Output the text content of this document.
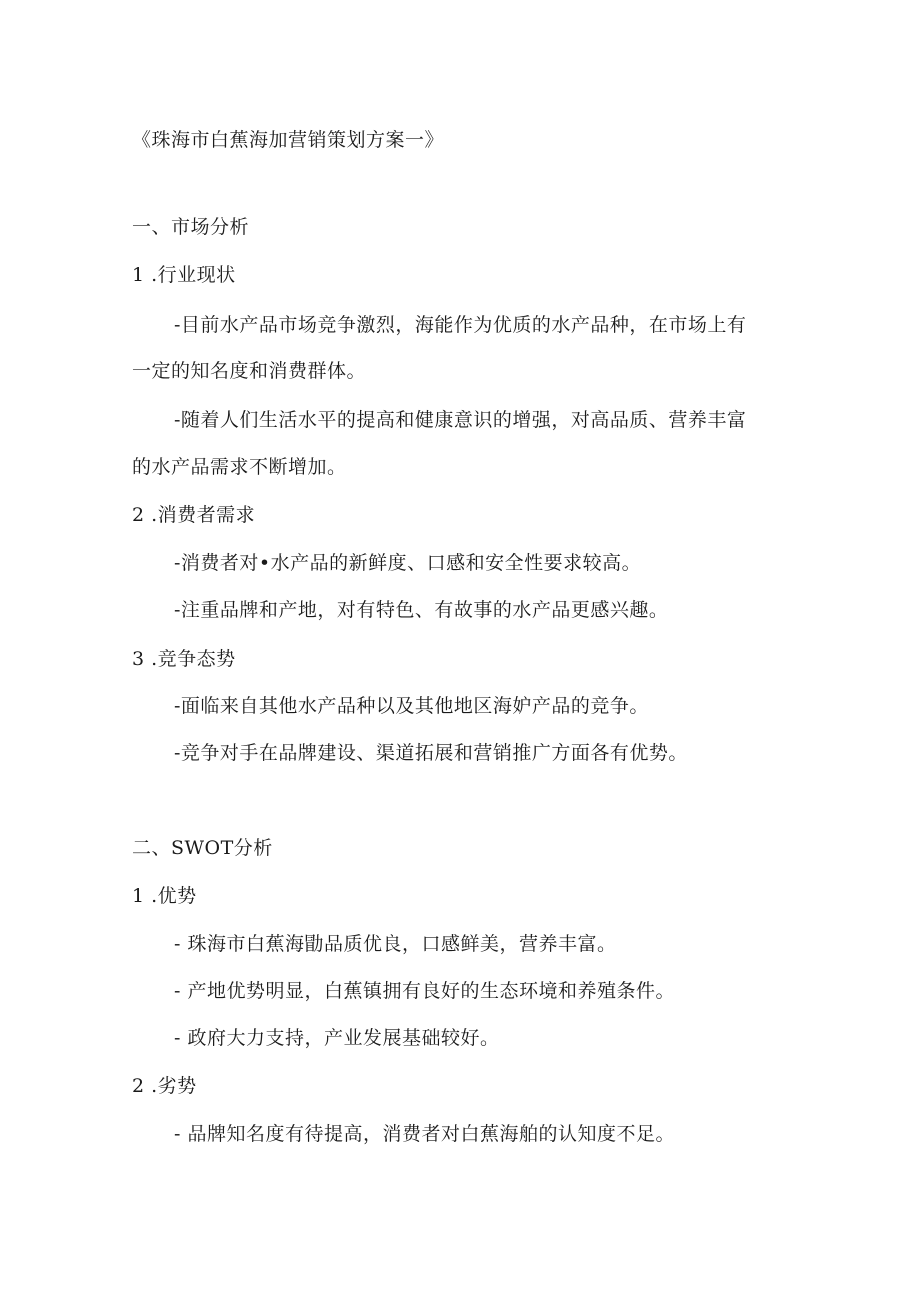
《珠海市白蕉海加营销策划方案一》
一、市场分析
1 .行业现状
-目前水产品市场竞争激烈，海能作为优质的水产品种，在市场上有
一定的知名度和消费群体。
-随着人们生活水平的提高和健康意识的增强，对高品质、营养丰富
的水产品需求不断增加。
2 .消费者需求
-消费者对•水产品的新鲜度、口感和安全性要求较高。
-注重品牌和产地，对有特色、有故事的水产品更感兴趣。
3 .竞争态势
-面临来自其他水产品种以及其他地区海妒产品的竞争。
-竞争对手在品牌建设、渠道拓展和营销推广方面各有优势。
二、SWOT分析
1 .优势
- 珠海市白蕉海勖品质优良，口感鲜美，营养丰富。
- 产地优势明显，白蕉镇拥有良好的生态环境和养殖条件。
- 政府大力支持，产业发展基础较好。
2 .劣势
- 品牌知名度有待提高，消费者对白蕉海舶的认知度不足。
